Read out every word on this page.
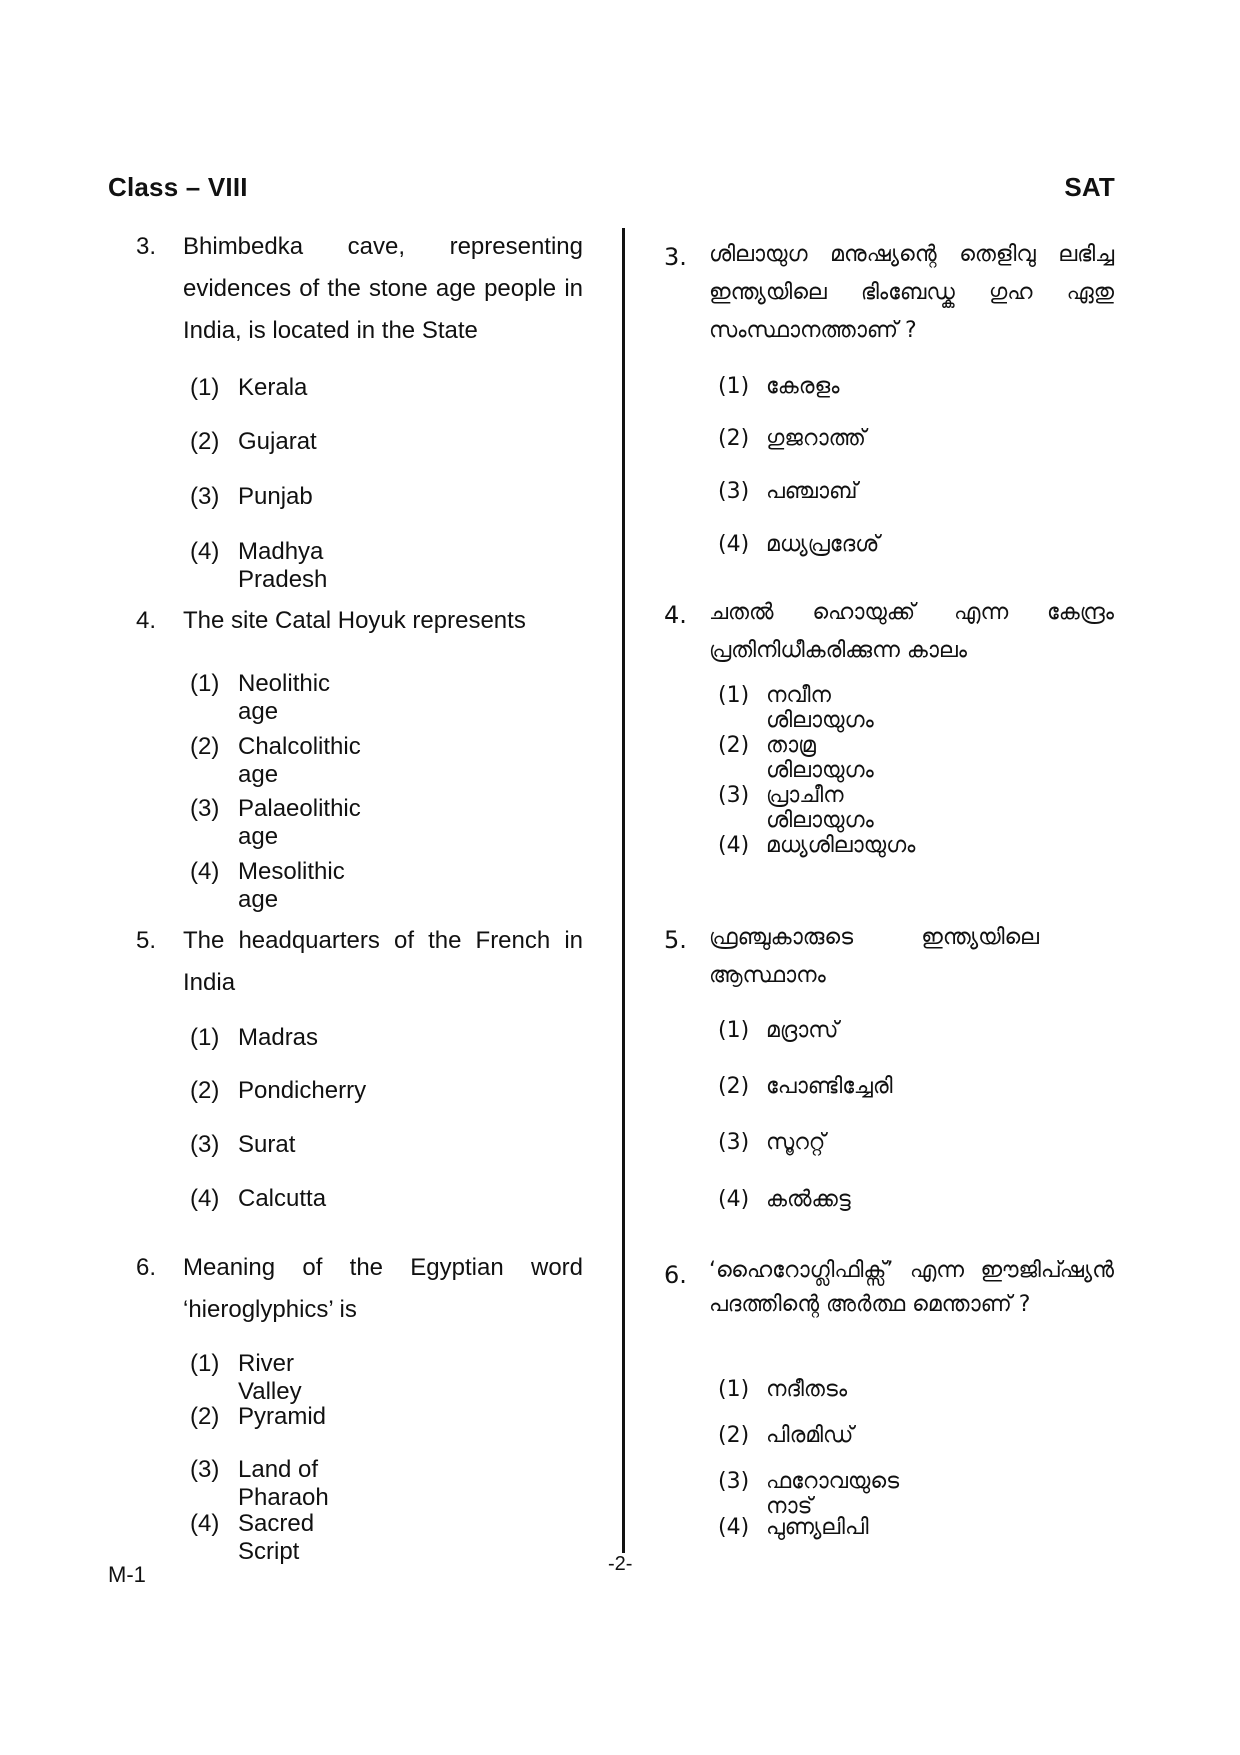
Class – VIII	SAT
3. Bhimbedka cave, representing evidences of the stone age people in India, is located in the State
(1) Kerala
(2) Gujarat
(3) Punjab
(4) Madhya Pradesh
4. The site Catal Hoyuk represents
(1) Neolithic age
(2) Chalcolithic age
(3) Palaeolithic age
(4) Mesolithic age
5. The headquarters of the French in India
(1) Madras
(2) Pondicherry
(3) Surat
(4) Calcutta
6. Meaning of the Egyptian word ‘hieroglyphics’ is
(1) River Valley
(2) Pyramid
(3) Land of Pharaoh
(4) Sacred Script
3. ശിലായുഗ മനുഷ്യന്റെ തെളിവു ലഭിച്ച ഇന്ത്യയിലെ ഭിംബേഡ്ക ഗുഹ ഏതു സംസ്ഥാനത്താണ് ?
(1) കേരളം
(2) ഗുജറാത്ത്
(3) പഞ്ചാബ്
(4) മധ്യപ്രദേശ്
4. ചതൽ ഹൊയുക്ക് എന്ന കേന്ദ്രം പ്രതിനിധീകരിക്കുന്ന കാലം
(1) നവീന ശിലായുഗം
(2) താമ്ര ശിലായുഗം
(3) പ്രാചീന ശിലായുഗം
(4) മധ്യശിലായുഗം
5. ഫ്രഞ്ചുകാരുടെ ഇന്ത്യയിലെ ആസ്ഥാനം
(1) മദ്രാസ്
(2) പോണ്ടിച്ചേരി
(3) സൂററ്റ്
(4) കൽക്കട്ട
6. ‘ഹൈറോഗ്ലിഫിക്സ്’ എന്ന ഈജിപ്ഷ്യൻ പദത്തിന്റെ അർത്ഥ മെന്താണ് ?
(1) നദീതടം
(2) പിരമിഡ്
(3) ഫറോവയുടെ നാട്
(4) പുണ്യലിപി
M-1	-2-
